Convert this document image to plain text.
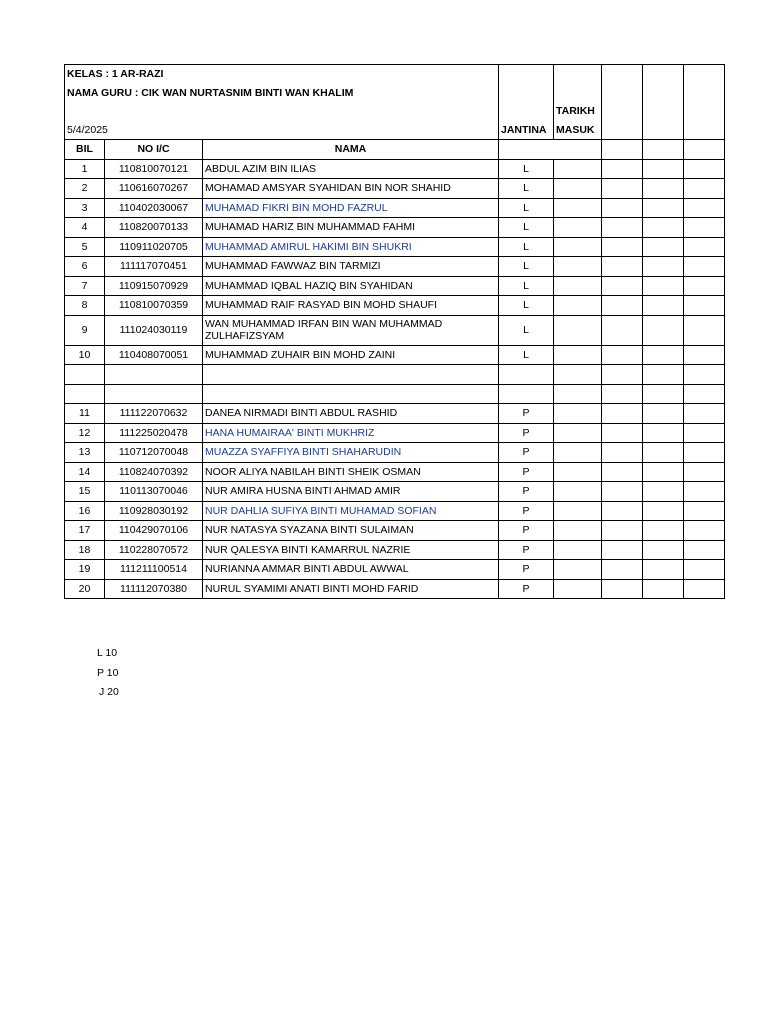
KELAS : 1 AR-RAZI							
NAMA GURU : CIK WAN NURTASNIM BINTI WAN KHALIM							
				TARIKH			
5/4/2025			JANTINA	MASUK			
BIL	NO I/C	NAMA					
1	110810070121	ABDUL AZIM BIN ILIAS	L				
2	110616070267	MOHAMAD AMSYAR SYAHIDAN BIN NOR SHAHID	L				
3	110402030067	MUHAMAD FIKRI BIN MOHD FAZRUL	L				
4	110820070133	MUHAMAD HARIZ BIN MUHAMMAD FAHMI	L				
5	110911020705	MUHAMMAD AMIRUL HAKIMI BIN SHUKRI	L				
6	111117070451	MUHAMMAD FAWWAZ BIN TARMIZI	L				
7	110915070929	MUHAMMAD IQBAL HAZIQ BIN SYAHIDAN	L				
8	110810070359	MUHAMMAD RAIF RASYAD BIN MOHD SHAUFI	L				
9	111024030119	WAN MUHAMMAD IRFAN BIN WAN MUHAMMAD ZULHAFIZSYAM	L				
10	110408070051	MUHAMMAD ZUHAIR BIN MOHD ZAINI	L				

11	111122070632	DANEA NIRMADI BINTI ABDUL RASHID	P				
12	111225020478	HANA HUMAIRAA' BINTI MUKHRIZ	P				
13	110712070048	MUAZZA SYAFFIYA BINTI SHAHARUDIN	P				
14	110824070392	NOOR ALIYA NABILAH BINTI SHEIK OSMAN	P				
15	110113070046	NUR AMIRA HUSNA BINTI AHMAD AMIR	P				
16	110928030192	NUR DAHLIA SUFIYA BINTI MUHAMAD SOFIAN	P				
17	110429070106	NUR NATASYA SYAZANA BINTI SULAIMAN	P				
18	110228070572	NUR QALESYA BINTI KAMARRUL NAZRIE	P				
19	111211100514	NURIANNA AMMAR BINTI ABDUL AWWAL	P				
20	111112070380	NURUL SYAMIMI ANATI BINTI MOHD FARID	P				
L 10
P 10
J 20
